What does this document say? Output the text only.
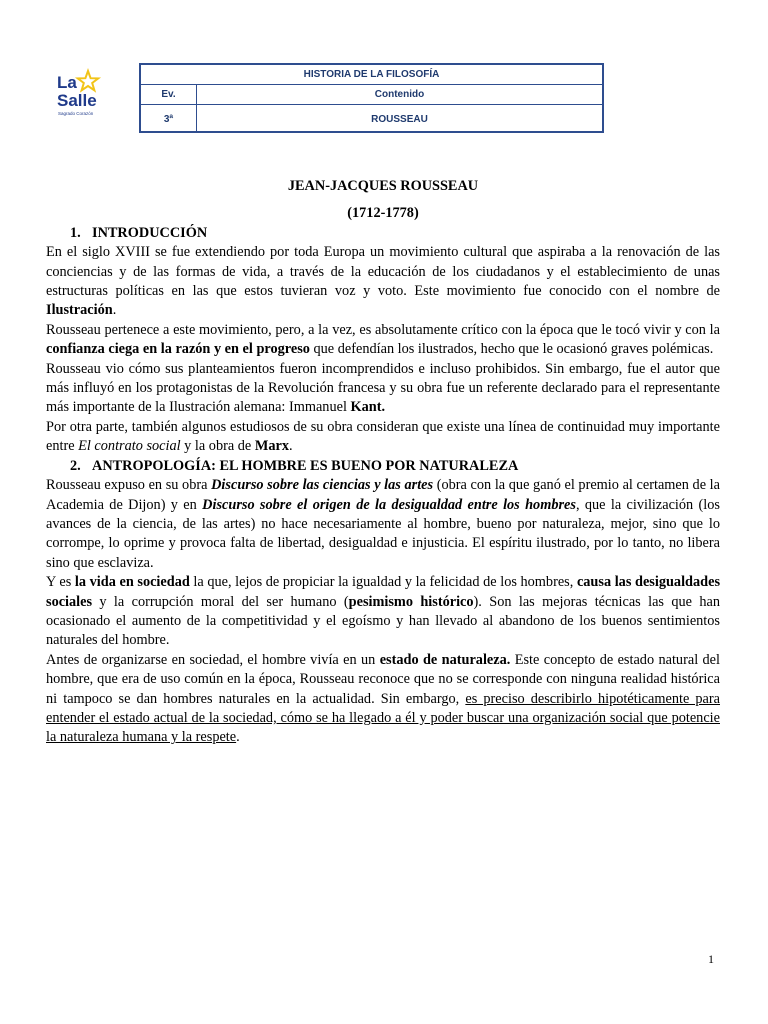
La
Salle
Sagrado Corazón
HISTORIA DE LA FILOSOFÍA	
Ev.	Contenido
3ª	ROUSSEAU

JEAN-JACQUES ROUSSEAU

(1712-1778)

1. INTRODUCCIÓN

En el siglo XVIII se fue extendiendo por toda Europa un movimiento cultural que aspiraba a la renovación de las conciencias y de las formas de vida, a través de la educación de los ciudadanos y el establecimiento de unas estructuras políticas en las que estos tuvieran voz y voto. Este movimiento fue conocido con el nombre de Ilustración.

Rousseau pertenece a este movimiento, pero, a la vez, es absolutamente crítico con la época que le tocó vivir y con la confianza ciega en la razón y en el progreso que defendían los ilustrados, hecho que le ocasionó graves polémicas.

Rousseau vio cómo sus planteamientos fueron incomprendidos e incluso prohibidos. Sin embargo, fue el autor que más influyó en los protagonistas de la Revolución francesa y su obra fue un referente declarado para el representante más importante de la Ilustración alemana: Immanuel Kant.

Por otra parte, también algunos estudiosos de su obra consideran que existe una línea de continuidad muy importante entre El contrato social y la obra de Marx.

2. ANTROPOLOGÍA: EL HOMBRE ES BUENO POR NATURALEZA

Rousseau expuso en su obra Discurso sobre las ciencias y las artes (obra con la que ganó el premio al certamen de la Academia de Dijon) y en Discurso sobre el origen de la desigualdad entre los hombres, que la civilización (los avances de la ciencia, de las artes) no hace necesariamente al hombre, bueno por naturaleza, mejor, sino que lo corrompe, lo oprime y provoca falta de libertad, desigualdad e injusticia. El espíritu ilustrado, por lo tanto, no libera sino que esclaviza.

Y es la vida en sociedad la que, lejos de propiciar la igualdad y la felicidad de los hombres, causa las desigualdades sociales y la corrupción moral del ser humano (pesimismo histórico). Son las mejoras técnicas las que han ocasionado el aumento de la competitividad y el egoísmo y han llevado al abandono de los buenos sentimientos naturales del hombre.

Antes de organizarse en sociedad, el hombre vivía en un estado de naturaleza. Este concepto de estado natural del hombre, que era de uso común en la época, Rousseau reconoce que no se corresponde con ninguna realidad histórica ni tampoco se dan hombres naturales en la actualidad. Sin embargo, es preciso describirlo hipotéticamente para entender el estado actual de la sociedad, cómo se ha llegado a él y poder buscar una organización social que potencie la naturaleza humana y la respete.

1
